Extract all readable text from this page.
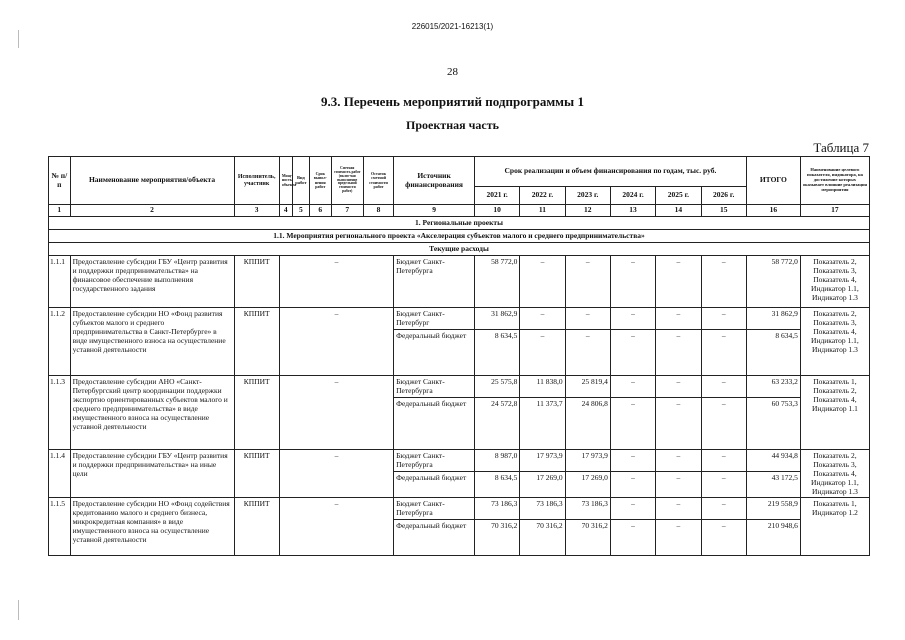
226015/2021-16213(1)
28
9.3. Перечень мероприятий подпрограммы 1
Проектная часть
Таблица 7
№ п/п	Наименование мероприятия/объекта	Исполнитель, участник	Мощ-ность объекта	Вид работ	Срок выпол-нения работ	Сметная стоимость работ (вклю-чая выполнение предельной стоимости работ)	Остаток сметной стоимости работ	Источник финансирования	Срок реализации и объем финансирования по годам, тыс. руб.						ИТОГО	Наименование целевого показателя, индикатора, на достижение которых оказывает влияние реализация мероприятия
									2021 г.	2022 г.	2023 г.	2024 г.	2025 г.	2026 г.		
1	2	3	4	5	6	7	8	9	10	11	12	13	14	15	16	17
1. Региональные проекты																
1.1. Мероприятия регионального проекта «Акселерация субъектов малого и среднего предпринимательства»																
Текущие расходы																
1.1.1	Предоставление субсидии ГБУ «Центр развития и поддержки предпринимательства» на финансовое обеспечение выполнения государственного задания	КППИТ	–					Бюджет Санкт-Петербурга	58 772,0	–	–	–	–	–	58 772,0	Показатель 2, Показатель 3, Показатель 4, Индикатор 1.1, Индикатор 1.3
1.1.2	Предоставление субсидии НО «Фонд развития субъектов малого и среднего предпринимательства в Санкт-Петербурге» в виде имущественного взноса на осуществление уставной деятельности	КППИТ	–					Бюджет Санкт-Петербург	31 862,9	–	–	–	–	–	31 862,9	Показатель 2, Показатель 3, Показатель 4, Индикатор 1.1, Индикатор 1.3
								Федеральный бюджет	8 634,5	–	–	–	–	–	8 634,5	
1.1.3	Предоставление субсидии АНО «Санкт-Петербургский центр координации поддержки экспортно ориентированных субъектов малого и среднего предпринимательства» в виде имущественного взноса на осуществление уставной деятельности	КППИТ	–					Бюджет Санкт-Петербурга	25 575,8	11 838,0	25 819,4	–	–	–	63 233,2	Показатель 1, Показатель 2, Показатель 4, Индикатор 1.1
								Федеральный бюджет	24 572,8	11 373,7	24 806,8	–	–	–	60 753,3	
1.1.4	Предоставление субсидии ГБУ «Центр развития и поддержки предпринимательства» на иные цели	КППИТ	–					Бюджет Санкт-Петербурга	8 987,0	17 973,9	17 973,9	–	–	–	44 934,8	Показатель 2, Показатель 3, Показатель 4, Индикатор 1.1, Индикатор 1.3
								Федеральный бюджет	8 634,5	17 269,0	17 269,0	–	–	–	43 172,5	
1.1.5	Предоставление субсидии НО «Фонд содействия кредитованию малого и среднего бизнеса, микрокредитная компания» в виде имущественного взноса на осуществление уставной деятельности	КППИТ	–					Бюджет Санкт-Петербурга	73 186,3	73 186,3	73 186,3	–	–	–	219 558,9	Показатель 1, Индикатор 1.2
								Федеральный бюджет	70 316,2	70 316,2	70 316,2	–	–	–	210 948,6	
